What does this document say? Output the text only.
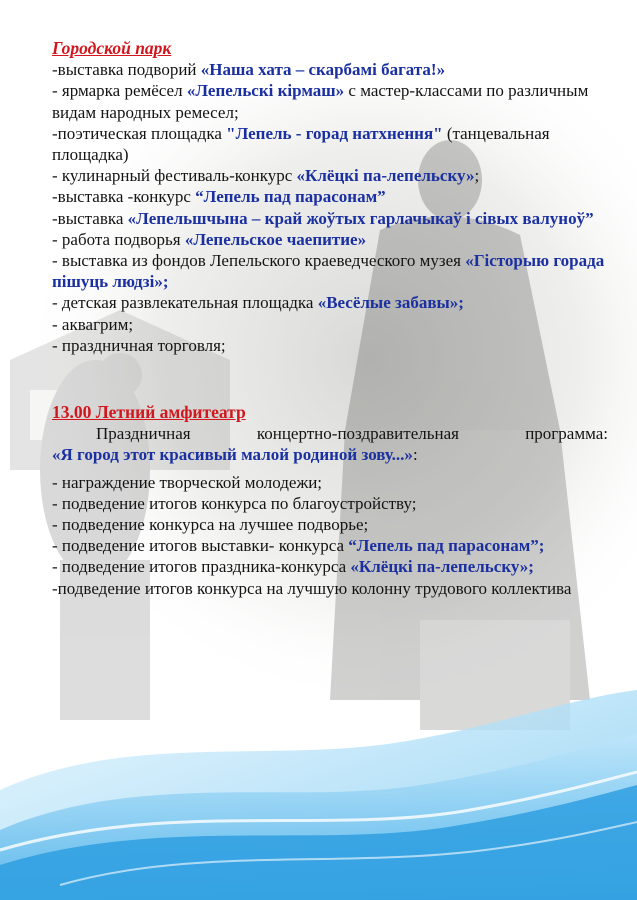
Городской парк

-выставка подворий «Наша хата – скарбамі багата!»

- ярмарка ремёсел «Лепельскі кірмаш» с мастер-классами по различным видам народных ремесел;

-поэтическая площадка "Лепель - горад натхнення" (танцевальная площадка)

- кулинарный фестиваль-конкурс «Клёцкі па-лепельску»;

-выставка -конкурс “Лепель пад парасонам”

-выставка «Лепельшчына – край жоўтых гарлачыкаў і сівых валуноў”

- работа подворья «Лепельское чаепитие»

- выставка из фондов Лепельского краеведческого музея «Гісторыю горада пішуць людзі»;

- детская развлекательная площадка «Весёлые забавы»;

- аквагрим;

- праздничная торговля;

13.00 Летний амфитеатр

Праздничная концертно-поздравительная программа:

«Я город этот красивый малой родиной зову...»:

- награждение творческой молодежи;

- подведение итогов конкурса по благоустройству;

- подведение конкурса на лучшее подворье;

- подведение итогов выставки- конкурса “Лепель пад парасонам”;

- подведение итогов праздника-конкурса «Клёцкі па-лепельску»;

-подведение итогов конкурса на лучшую колонну трудового коллектива
